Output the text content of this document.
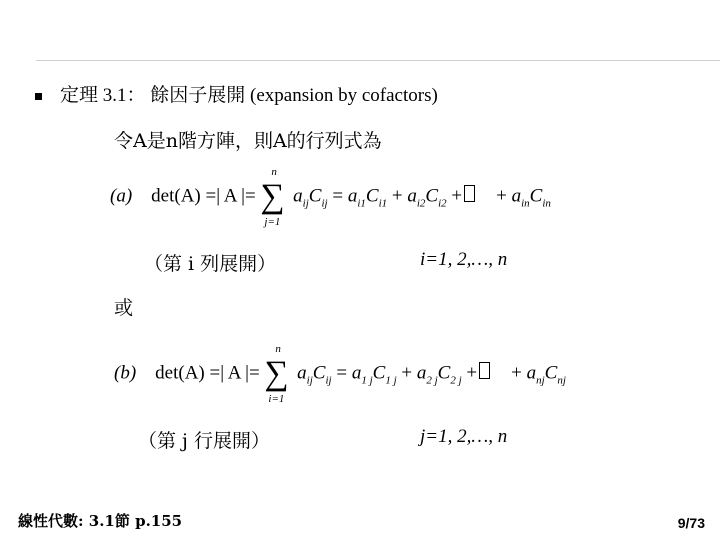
定理 3.1： 餘因子展開 (expansion by cofactors)
令A是n階方陣，則A的行列式為
(a) det(A) =| A |=
n
∑
j=1
$a_{ij}C_{ij} = a_{i1}C_{i1} + a_{i2}C_{i2}$ + + $a_{in}C_{in}$
（第 i 列展開）	i=1, 2,…, n
或
(b) det(A) =| A |=
n
∑
i=1
$a_{ij}C_{ij} = a_{1 j}C_{1 j} + a_{2 j}C_{2 j}$ + + $a_{nj}C_{nj}$
（第 j 行展開）	j=1, 2,…, n
線性代數: 3.1節 p.155	9/73
